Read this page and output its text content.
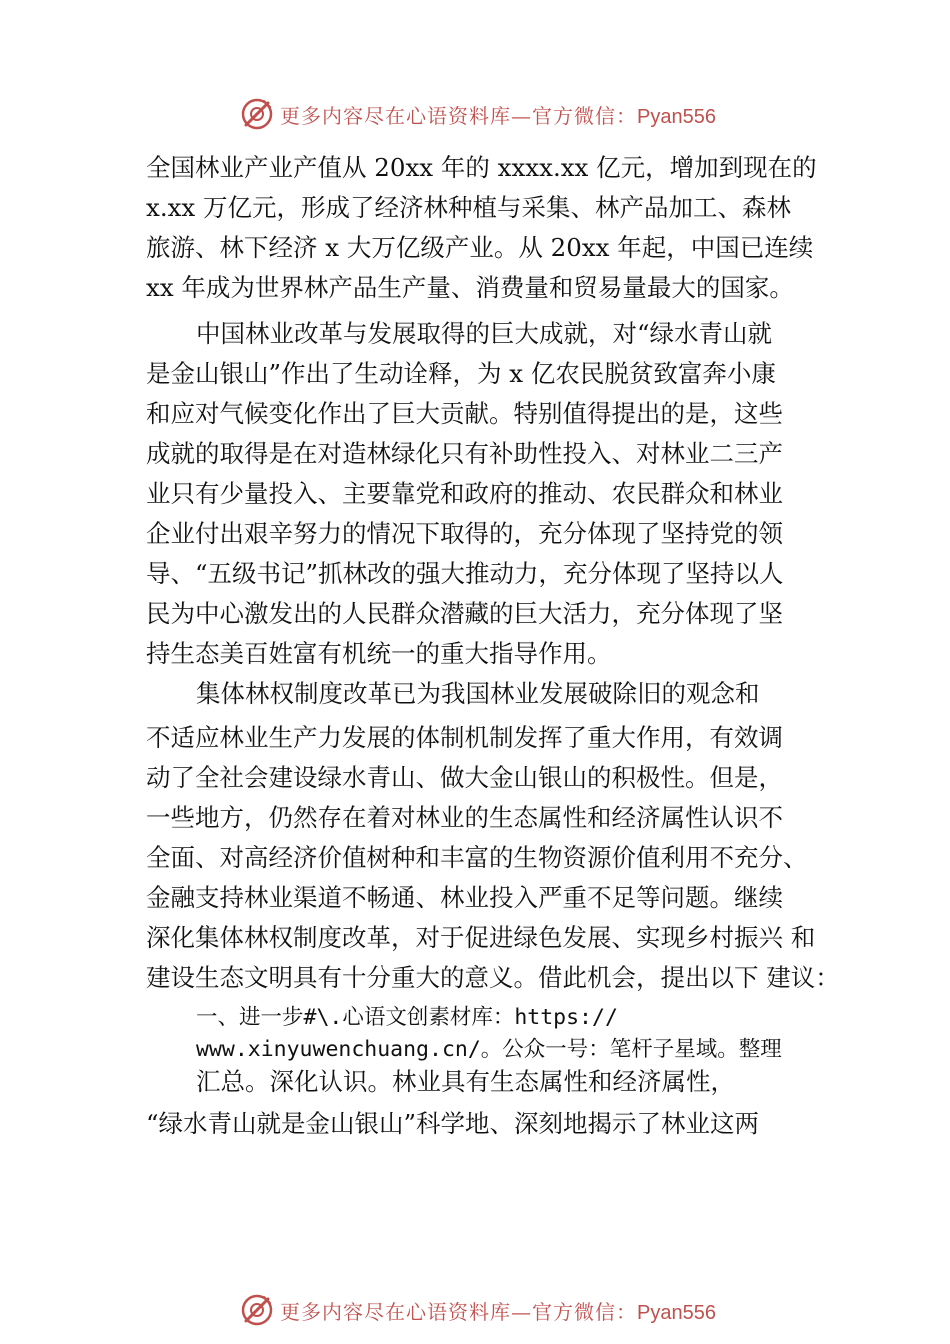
更多内容尽在心语资料库—官方微信：Pyan556
全国林业产业产值从 20xx 年的 xxxx.xx 亿元，增加到现在的
x.xx 万亿元，形成了经济林种植与采集、林产品加工、森林
旅游、林下经济 x 大万亿级产业。从 20xx 年起，中国已连续
xx 年成为世界林产品生产量、消费量和贸易量最大的国家。
中国林业改革与发展取得的巨大成就，对“绿水青山就
是金山银山”作出了生动诠释，为 x 亿农民脱贫致富奔小康
和应对气候变化作出了巨大贡献。特别值得提出的是，这些
成就的取得是在对造林绿化只有补助性投入、对林业二三产
业只有少量投入、主要靠党和政府的推动、农民群众和林业
企业付出艰辛努力的情况下取得的，充分体现了坚持党的领
导、“五级书记”抓林改的强大推动力，充分体现了坚持以人
民为中心激发出的人民群众潜藏的巨大活力，充分体现了坚
持生态美百姓富有机统一的重大指导作用。
集体林权制度改革已为我国林业发展破除旧的观念和
不适应林业生产力发展的体制机制发挥了重大作用，有效调
动了全社会建设绿水青山、做大金山银山的积极性。但是，
一些地方，仍然存在着对林业的生态属性和经济属性认识不
全面、对高经济价值树种和丰富的生物资源价值利用不充分、
金融支持林业渠道不畅通、林业投入严重不足等问题。继续
深化集体林权制度改革，对于促进绿色发展、实现乡村振兴 和
建设生态文明具有十分重大的意义。借此机会，提出以下 建议：
一、进一步#\.心语文创素材库：https://
www.xinyuwenchuang.cn/。公众一号：笔杆子星域。整理
汇总。深化认识。林业具有生态属性和经济属性，
“绿水青山就是金山银山”科学地、深刻地揭示了林业这两
更多内容尽在心语资料库—官方微信：Pyan556
